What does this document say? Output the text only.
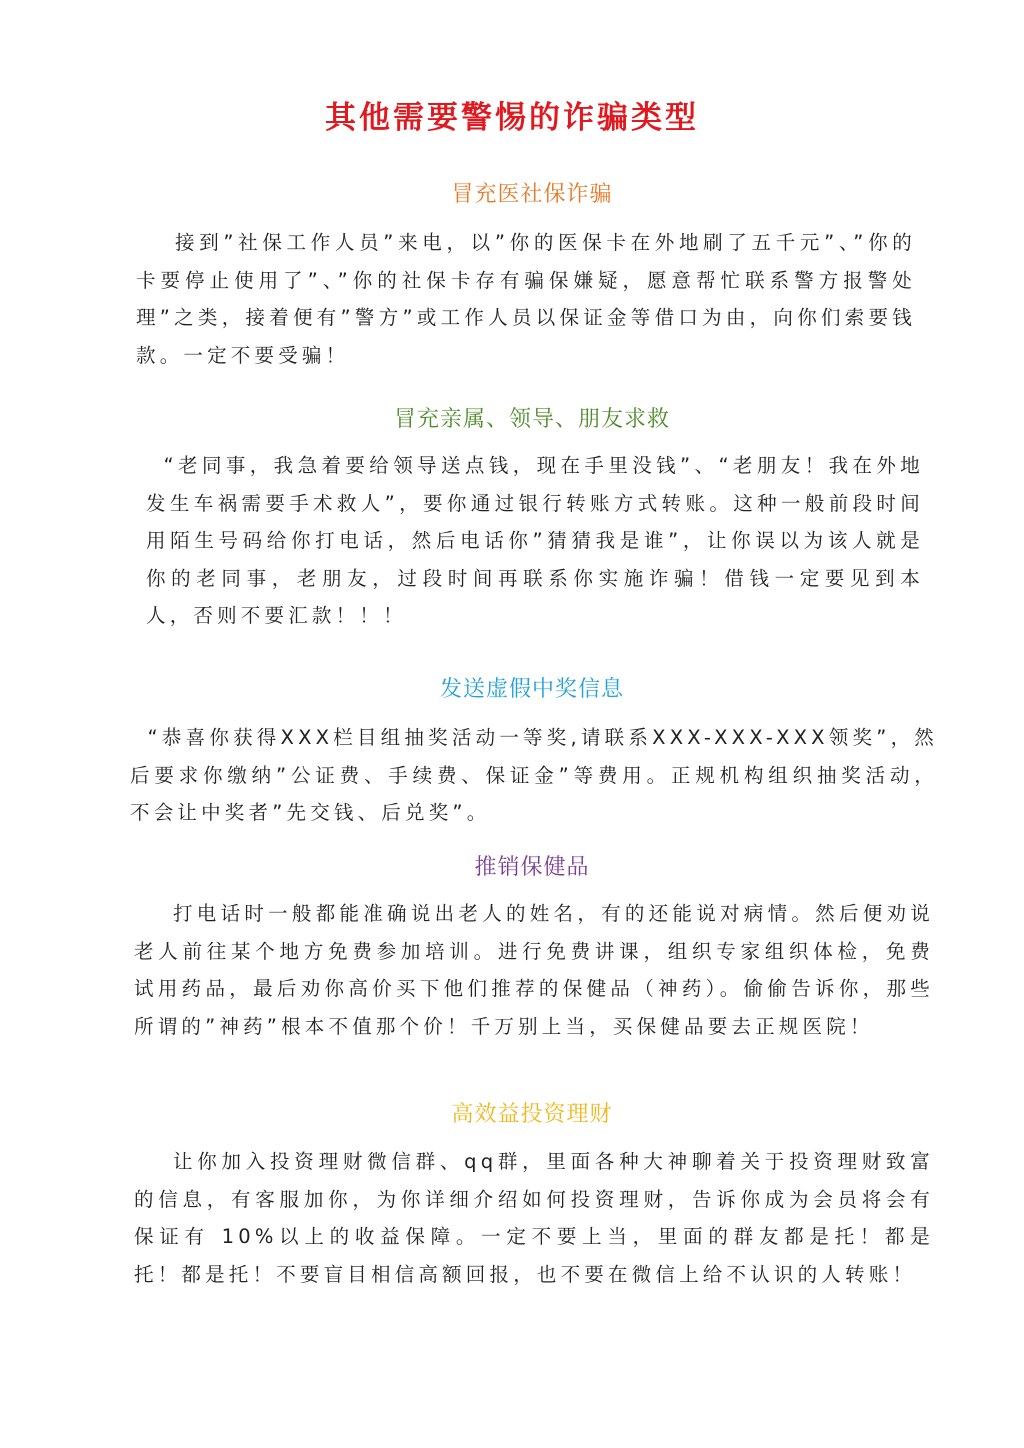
其他需要警惕的诈骗类型
冒充医社保诈骗

接到”社保工作人员”来电，以”你的医保卡在外地刷了五千元”、”你的卡要停止使用了”、”你的社保卡存有骗保嫌疑，愿意帮忙联系警方报警处理”之类，接着便有”警方”或工作人员以保证金等借口为由，向你们索要钱款。一定不要受骗！

冒充亲属、领导、朋友求救

“老同事，我急着要给领导送点钱，现在手里没钱”、“老朋友！我在外地发生车祸需要手术救人”，要你通过银行转账方式转账。这种一般前段时间用陌生号码给你打电话，然后电话你”猜猜我是谁”，让你误以为该人就是你的老同事，老朋友，过段时间再联系你实施诈骗！借钱一定要见到本人，否则不要汇款！！！

发送虚假中奖信息

“恭喜你获得XXX栏目组抽奖活动一等奖,请联系XXX-XXX-XXX领奖”，然后要求你缴纳”公证费、手续费、保证金”等费用。正规机构组织抽奖活动，不会让中奖者”先交钱、后兑奖”。

推销保健品

打电话时一般都能准确说出老人的姓名，有的还能说对病情。然后便劝说老人前往某个地方免费参加培训。进行免费讲课，组织专家组织体检，免费试用药品，最后劝你高价买下他们推荐的保健品（神药）。偷偷告诉你，那些所谓的”神药”根本不值那个价！千万别上当，买保健品要去正规医院！

高效益投资理财

让你加入投资理财微信群、qq群，里面各种大神聊着关于投资理财致富的信息，有客服加你，为你详细介绍如何投资理财，告诉你成为会员将会有保证有 10%以上的收益保障。一定不要上当，里面的群友都是托！都是托！都是托！不要盲目相信高额回报，也不要在微信上给不认识的人转账！
